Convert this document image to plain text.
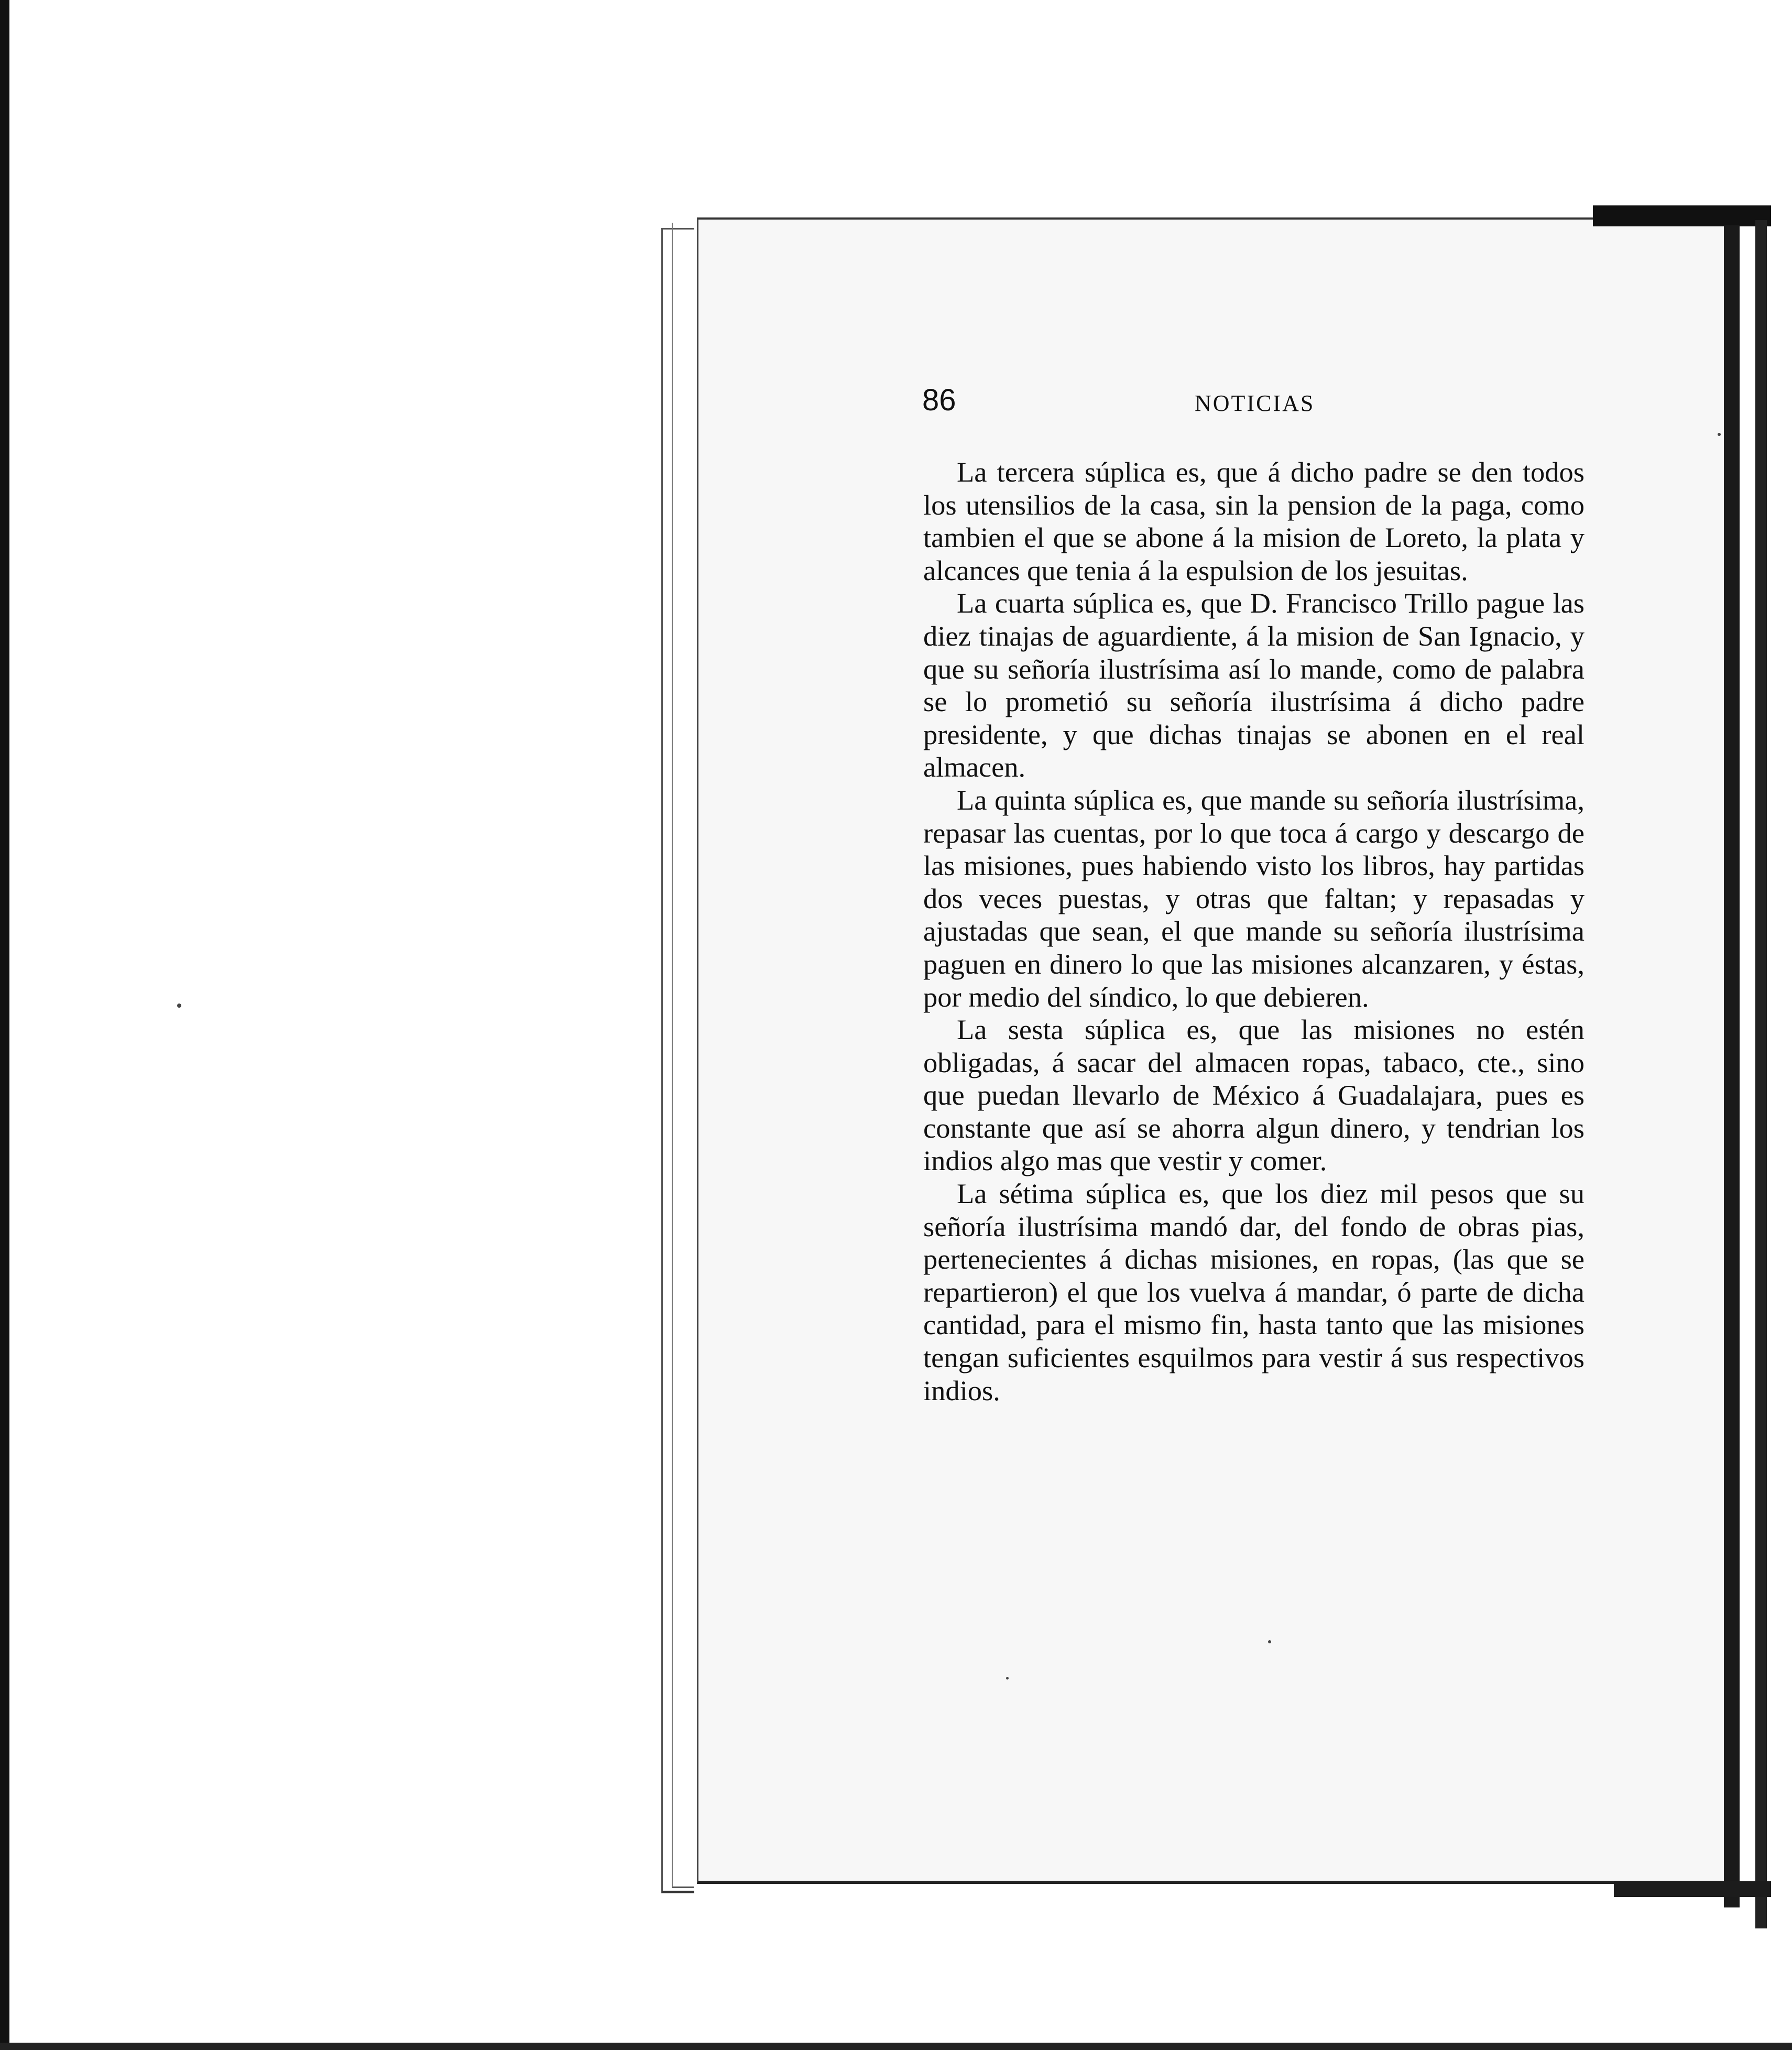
86	NOTICIAS

La tercera súplica es, que á dicho padre se den todos los utensilios de la casa, sin la pension de la paga, como tambien el que se abone á la mision de Loreto, la plata y alcances que tenia á la espulsion de los jesuitas.

La cuarta súplica es, que D. Francisco Trillo pague las diez tinajas de aguardiente, á la mision de San Ignacio, y que su señoría ilustrísima así lo mande, como de palabra se lo prometió su señoría ilustrísima á dicho padre presidente, y que dichas tinajas se abonen en el real almacen.

La quinta súplica es, que mande su señoría ilustrísima, repasar las cuentas, por lo que toca á cargo y descargo de las misiones, pues habiendo visto los libros, hay partidas dos veces puestas, y otras que faltan; y repasadas y ajustadas que sean, el que mande su señoría ilustrísima paguen en dinero lo que las misiones alcanzaren, y éstas, por medio del síndico, lo que debieren.

La sesta súplica es, que las misiones no estén obligadas, á sacar del almacen ropas, tabaco, cte., sino que puedan llevarlo de México á Guadalajara, pues es constante que así se ahorra algun dinero, y tendrian los indios algo mas que vestir y comer.

La sétima súplica es, que los diez mil pesos que su señoría ilustrísima mandó dar, del fondo de obras pias, pertenecientes á dichas misiones, en ropas, (las que se repartieron) el que los vuelva á mandar, ó parte de dicha cantidad, para el mismo fin, hasta tanto que las misiones tengan suficientes esquilmos para vestir á sus respectivos indios.
